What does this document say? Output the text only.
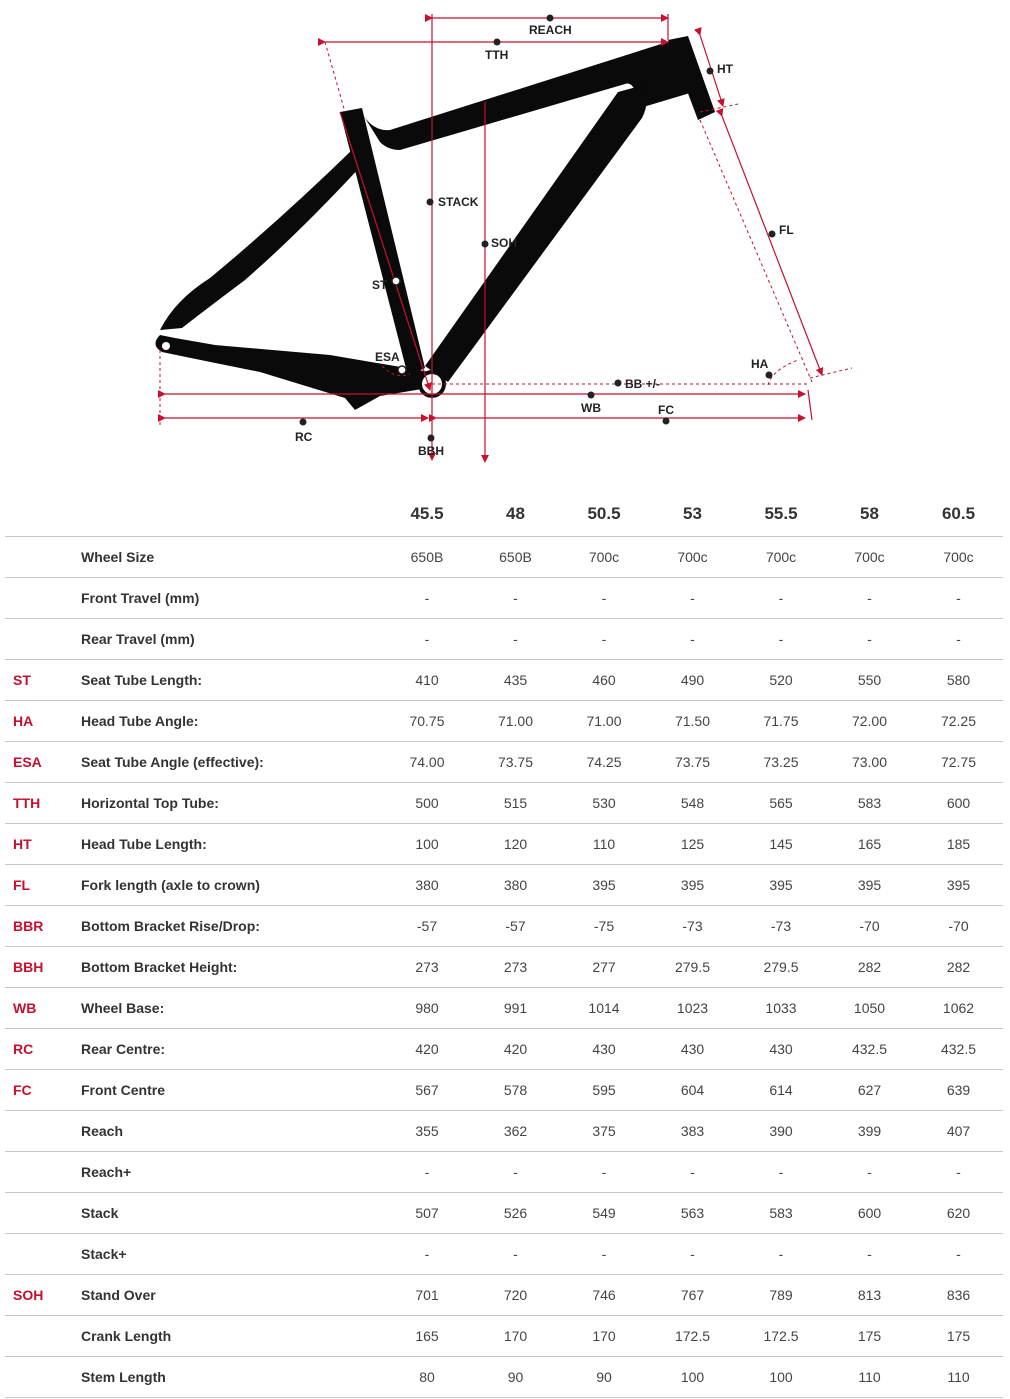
REACH
TTH
HT
STACK
SOH
FL
ST
ESA	HA
BB +/-
WB	FC
RC
BBH
		45.5	48	50.5	53	55.5	58	60.5
	Wheel Size	650B	650B	700c	700c	700c	700c	700c
	Front Travel (mm)	-	-	-	-	-	-	-
	Rear Travel (mm)	-	-	-	-	-	-	-
ST	Seat Tube Length:	410	435	460	490	520	550	580
HA	Head Tube Angle:	70.75	71.00	71.00	71.50	71.75	72.00	72.25
ESA	Seat Tube Angle (effective):	74.00	73.75	74.25	73.75	73.25	73.00	72.75
TTH	Horizontal Top Tube:	500	515	530	548	565	583	600
HT	Head Tube Length:	100	120	110	125	145	165	185
FL	Fork length (axle to crown)	380	380	395	395	395	395	395
BBR	Bottom Bracket Rise/Drop:	-57	-57	-75	-73	-73	-70	-70
BBH	Bottom Bracket Height:	273	273	277	279.5	279.5	282	282
WB	Wheel Base:	980	991	1014	1023	1033	1050	1062
RC	Rear Centre:	420	420	430	430	430	432.5	432.5
FC	Front Centre	567	578	595	604	614	627	639
	Reach	355	362	375	383	390	399	407
	Reach+	-	-	-	-	-	-	-
	Stack	507	526	549	563	583	600	620
	Stack+	-	-	-	-	-	-	-
SOH	Stand Over	701	720	746	767	789	813	836
	Crank Length	165	170	170	172.5	172.5	175	175
	Stem Length	80	90	90	100	100	110	110
